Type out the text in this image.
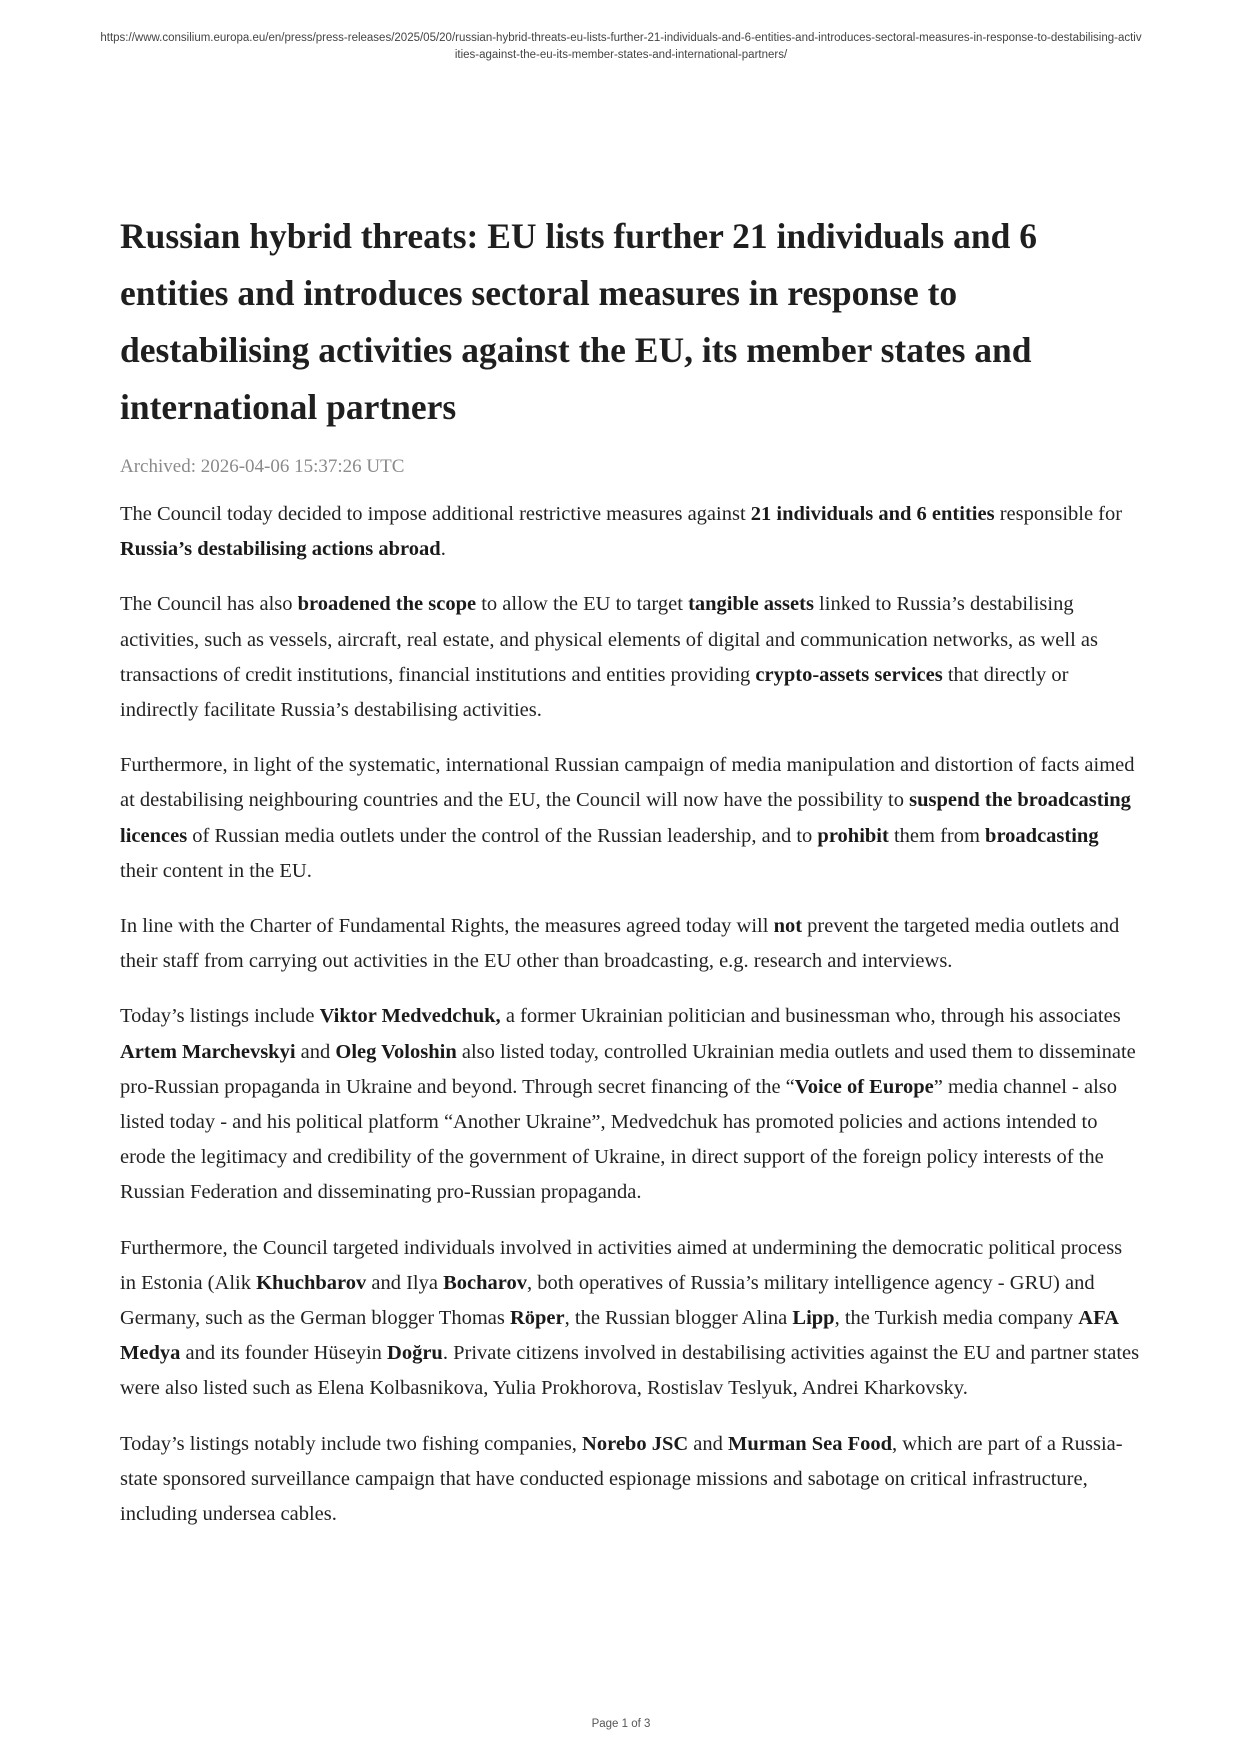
https://www.consilium.europa.eu/en/press/press-releases/2025/05/20/russian-hybrid-threats-eu-lists-further-21-individuals-and-6-entities-and-introduces-sectoral-measures-in-response-to-destabilising-activities-against-the-eu-its-member-states-and-international-partners/
Russian hybrid threats: EU lists further 21 individuals and 6 entities and introduces sectoral measures in response to destabilising activities against the EU, its member states and international partners
Archived: 2026-04-06 15:37:26 UTC

The Council today decided to impose additional restrictive measures against 21 individuals and 6 entities responsible for Russia’s destabilising actions abroad.

The Council has also broadened the scope to allow the EU to target tangible assets linked to Russia’s destabilising activities, such as vessels, aircraft, real estate, and physical elements of digital and communication networks, as well as transactions of credit institutions, financial institutions and entities providing crypto-assets services that directly or indirectly facilitate Russia’s destabilising activities.

Furthermore, in light of the systematic, international Russian campaign of media manipulation and distortion of facts aimed at destabilising neighbouring countries and the EU, the Council will now have the possibility to suspend the broadcasting licences of Russian media outlets under the control of the Russian leadership, and to prohibit them from broadcasting their content in the EU.

In line with the Charter of Fundamental Rights, the measures agreed today will not prevent the targeted media outlets and their staff from carrying out activities in the EU other than broadcasting, e.g. research and interviews.

Today’s listings include Viktor Medvedchuk, a former Ukrainian politician and businessman who, through his associates Artem Marchevskyi and Oleg Voloshin also listed today, controlled Ukrainian media outlets and used them to disseminate pro-Russian propaganda in Ukraine and beyond. Through secret financing of the “Voice of Europe” media channel - also listed today - and his political platform “Another Ukraine”, Medvedchuk has promoted policies and actions intended to erode the legitimacy and credibility of the government of Ukraine, in direct support of the foreign policy interests of the Russian Federation and disseminating pro-Russian propaganda.

Furthermore, the Council targeted individuals involved in activities aimed at undermining the democratic political process in Estonia (Alik Khuchbarov and Ilya Bocharov, both operatives of Russia’s military intelligence agency - GRU) and Germany, such as the German blogger Thomas Röper, the Russian blogger Alina Lipp, the Turkish media company AFA Medya and its founder Hüseyin Doğru. Private citizens involved in destabilising activities against the EU and partner states were also listed such as Elena Kolbasnikova, Yulia Prokhorova, Rostislav Teslyuk, Andrei Kharkovsky.

Today’s listings notably include two fishing companies, Norebo JSC and Murman Sea Food, which are part of a Russia-state sponsored surveillance campaign that have conducted espionage missions and sabotage on critical infrastructure, including undersea cables.

Page 1 of 3
